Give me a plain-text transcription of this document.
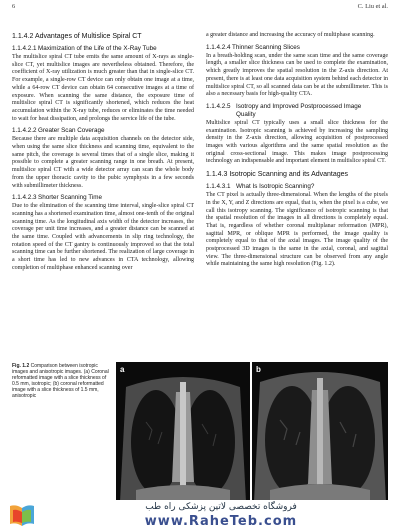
6	C. Liu et al.
1.1.4.2 Advantages of Multislice Spiral CT
1.1.4.2.1Maximization of the Life of the X-Ray Tube

The multislice spiral CT tube emits the same amount of X-rays as single-slice CT, yet multislice images are nevertheless obtained. Therefore, the coefficient of X-ray utilization is much greater than that in single-slice CT. For example, a single-row CT device can only obtain one image at a time, while a 64-row CT device can obtain 64 consecutive images at a time of exposure. When scanning the same distance, the exposure time of multislice spiral CT is significantly shortened, which reduces the heat accumulation within the X-ray tube, reduces or eliminates the time needed to wait for heat dissipation, and prolongs the service life of the tube.

1.1.4.2.2Greater Scan Coverage

Because there are multiple data acquisition channels on the detector side, when using the same slice thickness and scanning time, equivalent to the same pitch, the coverage is several times that of a single slice, making it possible to complete a greater scanning range in one breath. At present, multislice spiral CT with a wide detector array can scan the whole body from the upper thoracic cavity to the pubic symphysis in a few seconds with submillimeter thickness.

1.1.4.2.3Shorter Scanning Time

Due to the elimination of the scanning time interval, single-slice spiral CT scanning has a shortened examination time, almost one-tenth of the original scanning time. As the longitudinal axis width of the detector increases, the coverage per unit time increases, and a greater distance can be scanned at the same time. Coupled with advancements in slip ring technology, the rotation speed of the CT gantry is continuously improved so that the total scanning time can be further shortened. The realization of large coverage in a short time has led to new advances in CTA technology, allowing completion of multiphase enhanced scanning over

a greater distance and increasing the accuracy of multiphase scanning.

1.1.4.2.4Thinner Scanning Slices

In a breath-holding scan, under the same scan time and the same coverage length, a smaller slice thickness can be used to complete the examination, which greatly improves the spatial resolution in the Z-axis direction. At present, there is at least one data acquisition system behind each detector in multislice spiral CT, so all scanned data can be at the submillimeter. This is also a necessary basis for high-quality CTA.

1.1.4.2.5 Isotropy and Improved Postprocessed Image Quality

Multislice spiral CT typically uses a small slice thickness for the examination. Isotropic scanning is achieved by increasing the sampling density in the Z-axis direction, allowing acquisition of postprocessed images with various algorithms and the same spatial resolution as the original cross-sectional image. This makes image postprocessing technology an indispensable and important element in multislice spiral CT.

1.1.4.3 Isotropic Scanning and its Advantages
1.1.4.3.1 What Is Isotropic Scanning?

The CT pixel is actually three-dimensional. When the lengths of the pixels in the X, Y, and Z directions are equal, that is, when the pixel is a cube, we call this isotropy scanning. The significance of isotropic scanning is that the spatial resolution of the images in all directions is completely equal. That is, regardless of whether coronal multiplanar reformation (MPR), sagittal MPR, or oblique MPR is performed, the image quality is completely equal to that of the axial images. The image quality of the postprocessed 3D images is the same in the axial, coronal, and sagittal view. The three-dimensional structure can be observed from any angle while maintaining the same high resolution (Fig. 1.2).

Fig. 1.2 Comparison between isotropic images and anisotropic images. (a) Coronal reformatted image with a slice thickness of 0.5 mm, isotropic; (b) coronal reformatted image with a slice thickness of 1.5 mm, anisotropic
a	b
فروشگاه تخصصی لاتین پزشکی راه طب
www.RaheTeb.com
